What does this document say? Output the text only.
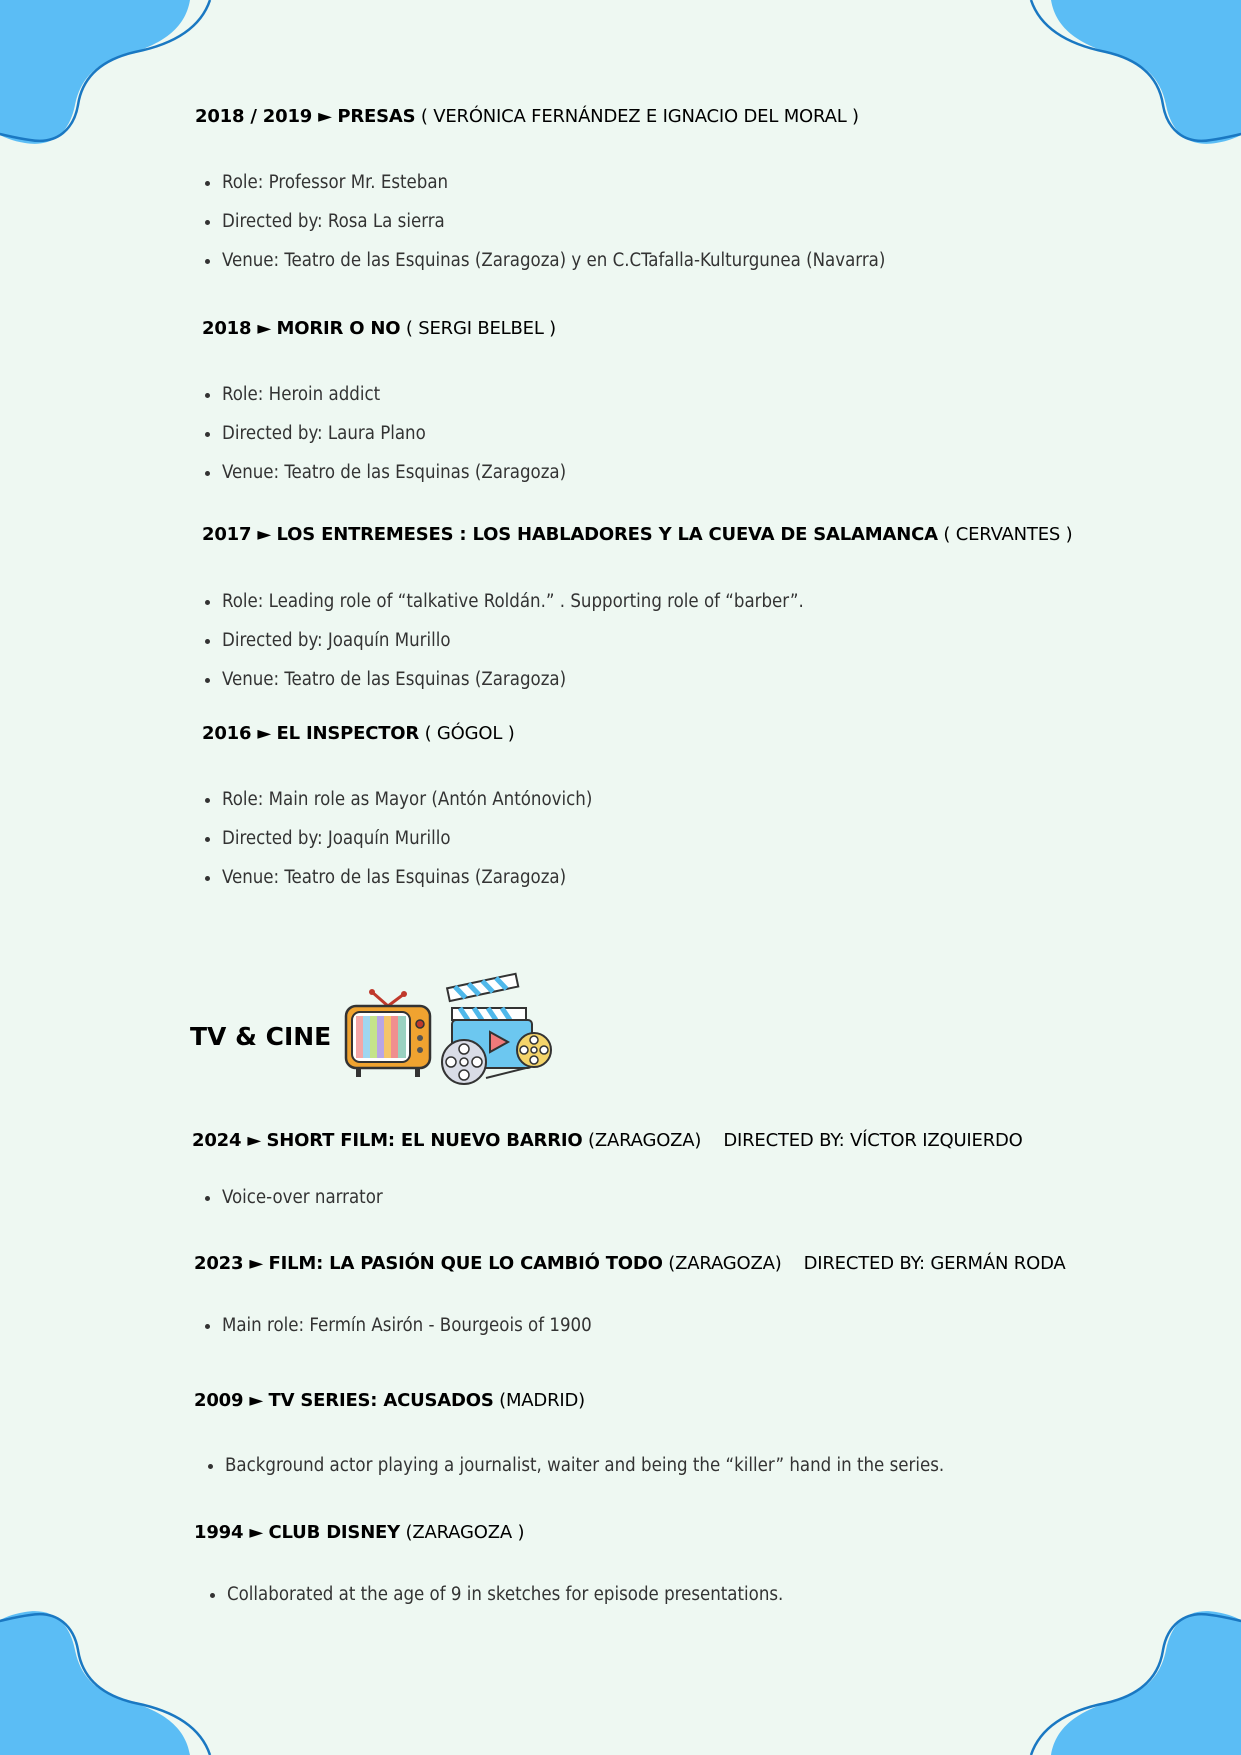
2018 / 2019 ► PRESAS ( VERÓNICA FERNÁNDEZ E IGNACIO DEL MORAL )
• Role: Professor Mr. Esteban
• Directed by: Rosa La sierra
• Venue: Teatro de las Esquinas (Zaragoza) y en C.CTafalla-Kulturgunea (Navarra)
2018 ► MORIR O NO ( SERGI BELBEL )
• Role: Heroin addict
• Directed by: Laura Plano
• Venue: Teatro de las Esquinas (Zaragoza)
2017 ► LOS ENTREMESES : LOS HABLADORES Y LA CUEVA DE SALAMANCA ( CERVANTES )
• Role: Leading role of “talkative Roldán.” . Supporting role of “barber”.
• Directed by: Joaquín Murillo
• Venue: Teatro de las Esquinas (Zaragoza)
2016 ► EL INSPECTOR ( GÓGOL )
• Role: Main role as Mayor (Antón Antónovich)
• Directed by: Joaquín Murillo
• Venue: Teatro de las Esquinas (Zaragoza)
TV & CINE
2024 ► SHORT FILM: EL NUEVO BARRIO (ZARAGOZA)    DIRECTED BY: VÍCTOR IZQUIERDO
• Voice-over narrator
2023 ► FILM: LA PASIÓN QUE LO CAMBIÓ TODO (ZARAGOZA)    DIRECTED BY: GERMÁN RODA
• Main role: Fermín Asirón - Bourgeois of 1900
2009 ► TV SERIES: ACUSADOS (MADRID)
• Background actor playing a journalist, waiter and being the “killer” hand in the series.
1994 ► CLUB DISNEY (ZARAGOZA )
• Collaborated at the age of 9 in sketches for episode presentations.
